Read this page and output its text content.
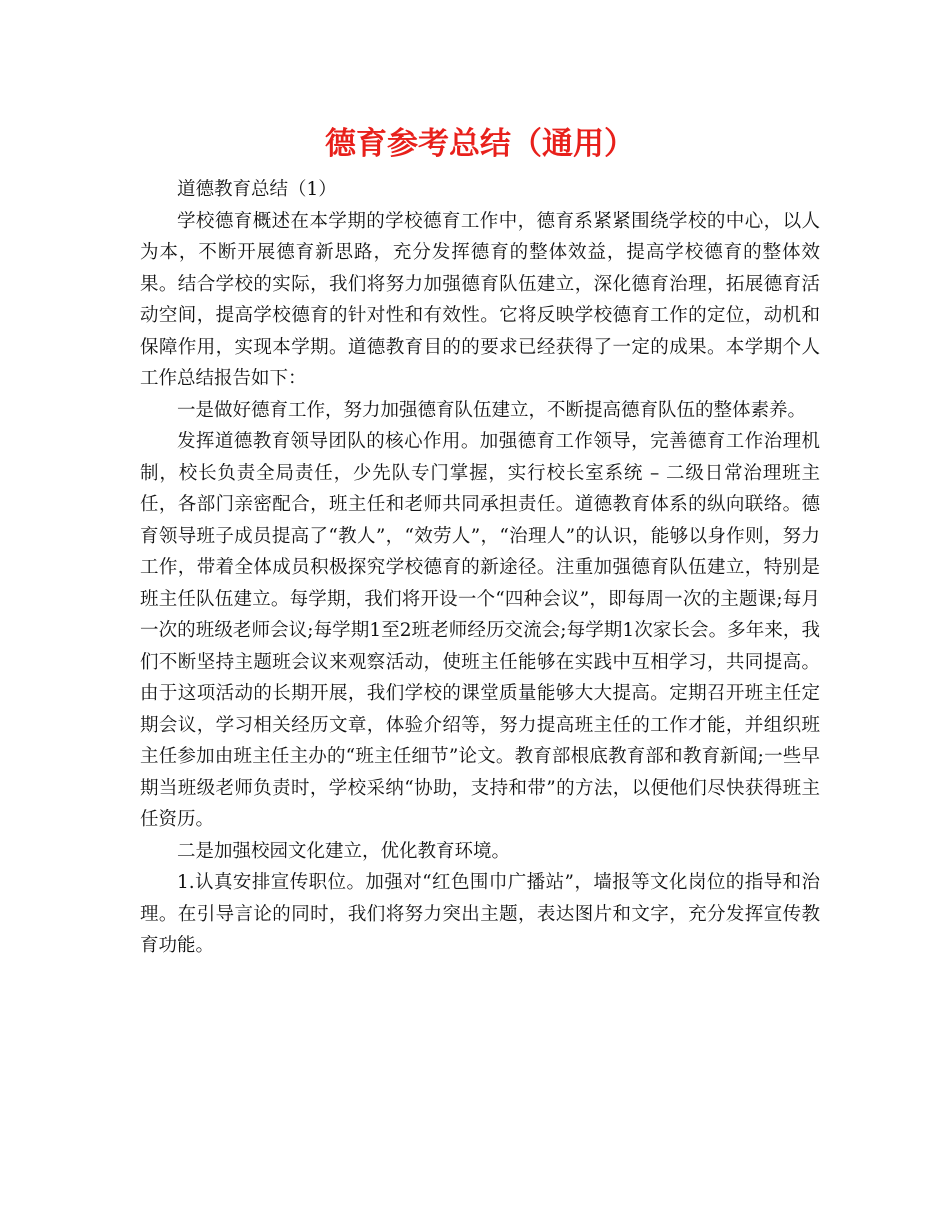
德育参考总结（通用）

道德教育总结（1）

学校德育概述在本学期的学校德育工作中，德育系紧紧围绕学校的中心，以人为本，不断开展德育新思路，充分发挥德育的整体效益，提高学校德育的整体效果。结合学校的实际，我们将努力加强德育队伍建立，深化德育治理，拓展德育活动空间，提高学校德育的针对性和有效性。它将反映学校德育工作的定位，动机和保障作用，实现本学期。道德教育目的的要求已经获得了一定的成果。本学期个人工作总结报告如下：

一是做好德育工作，努力加强德育队伍建立，不断提高德育队伍的整体素养。

发挥道德教育领导团队的核心作用。加强德育工作领导，完善德育工作治理机制，校长负责全局责任，少先队专门掌握，实行校长室系统 – 二级日常治理班主任，各部门亲密配合，班主任和老师共同承担责任。道德教育体系的纵向联络。德育领导班子成员提高了“教人”，“效劳人”，“治理人”的认识，能够以身作则，努力工作，带着全体成员积极探究学校德育的新途径。注重加强德育队伍建立，特别是班主任队伍建立。每学期，我们将开设一个“四种会议”，即每周一次的主题课;每月一次的班级老师会议;每学期1至2班老师经历交流会;每学期1次家长会。多年来，我们不断坚持主题班会议来观察活动，使班主任能够在实践中互相学习，共同提高。由于这项活动的长期开展，我们学校的课堂质量能够大大提高。定期召开班主任定期会议，学习相关经历文章，体验介绍等，努力提高班主任的工作才能，并组织班主任参加由班主任主办的“班主任细节”论文。教育部根底教育部和教育新闻;一些早期当班级老师负责时，学校采纳“协助，支持和带”的方法，以便他们尽快获得班主任资历。

二是加强校园文化建立，优化教育环境。

1.认真安排宣传职位。加强对“红色围巾广播站”，墙报等文化岗位的指导和治理。在引导言论的同时，我们将努力突出主题，表达图片和文字，充分发挥宣传教育功能。
